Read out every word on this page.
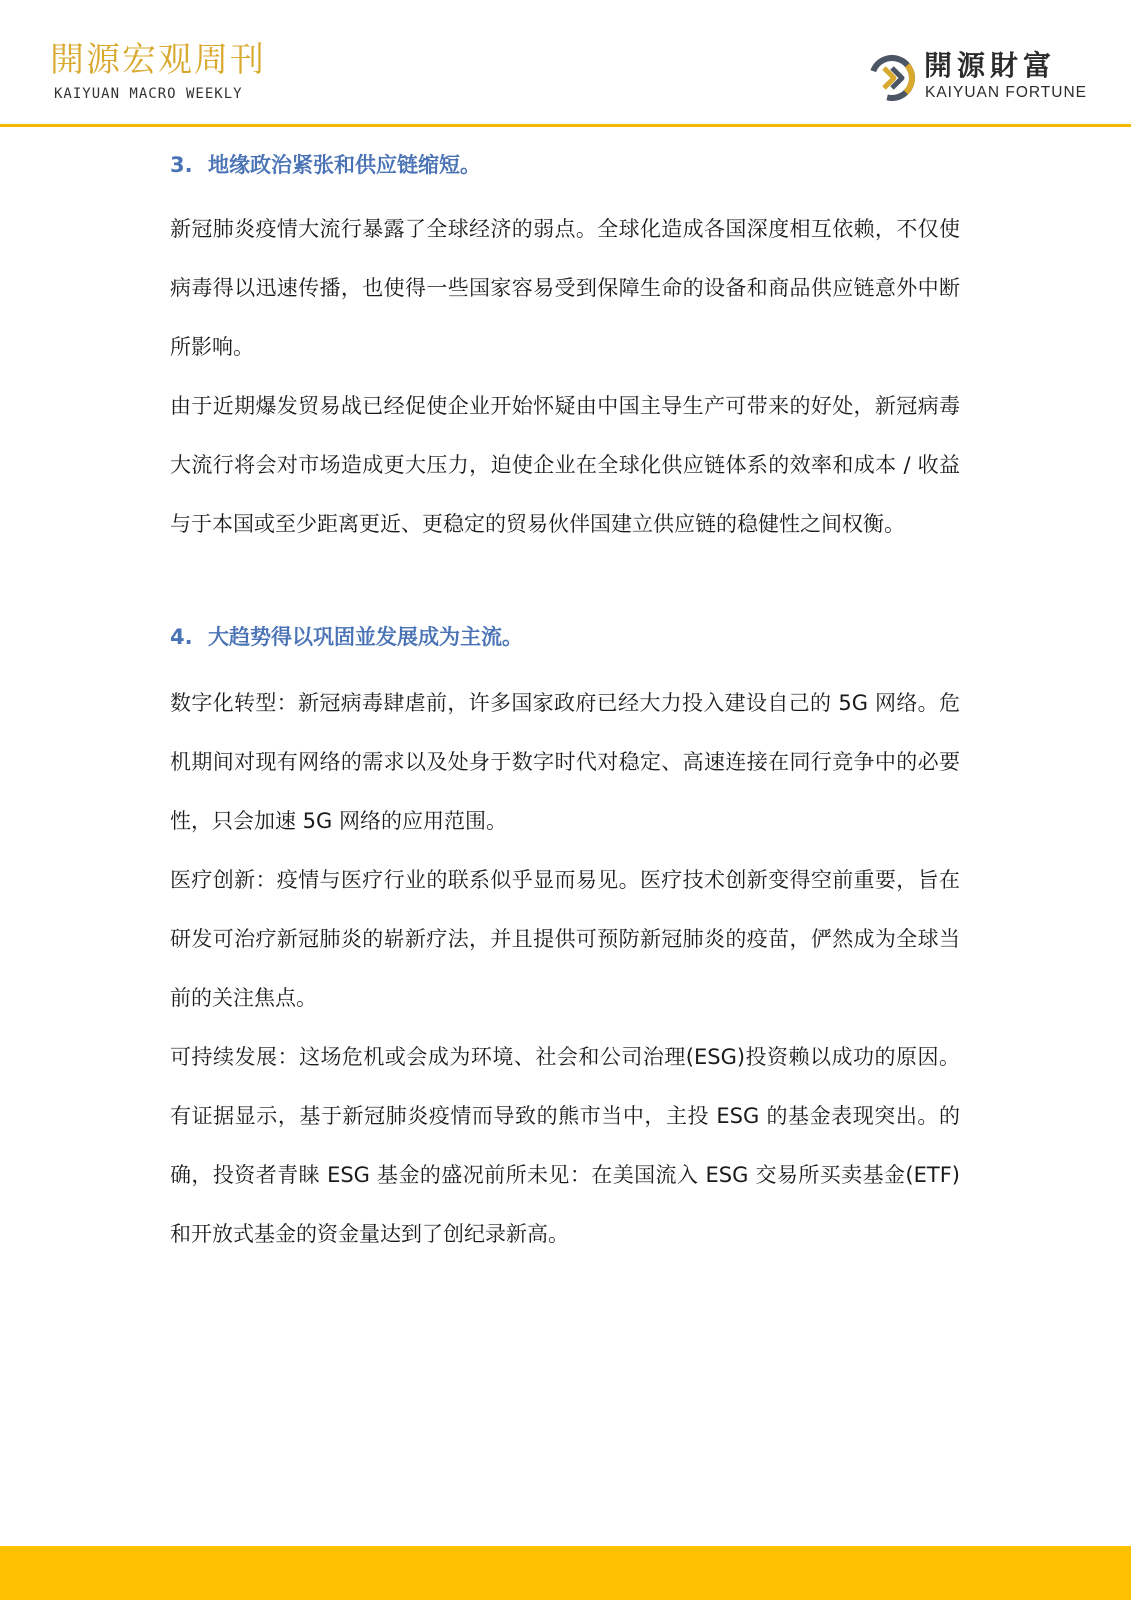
開源宏观周刊
KAIYUAN MACRO WEEKLY
開源財富
KAIYUAN FORTUNE
3. 地缘政治紧张和供应链缩短。

新冠肺炎疫情大流行暴露了全球经济的弱点。全球化造成各国深度相互依赖，不仅使病毒得以迅速传播，也使得一些国家容易受到保障生命的设备和商品供应链意外中断所影响。

由于近期爆发贸易战已经促使企业开始怀疑由中国主导生产可带来的好处，新冠病毒大流行将会对市场造成更大压力，迫使企业在全球化供应链体系的效率和成本 / 收益与于本国或至少距离更近、更稳定的贸易伙伴国建立供应链的稳健性之间权衡。

4. 大趋势得以巩固並发展成为主流。

数字化转型：新冠病毒肆虐前，许多国家政府已经大力投入建设自己的 5G 网络。危机期间对现有网络的需求以及处身于数字时代对稳定、高速连接在同行竞争中的必要性，只会加速 5G 网络的应用范围。

医疗创新：疫情与医疗行业的联系似乎显而易见。医疗技术创新变得空前重要，旨在研发可治疗新冠肺炎的崭新疗法，并且提供可预防新冠肺炎的疫苗，俨然成为全球当前的关注焦点。

可持续发展：这场危机或会成为环境、社会和公司治理(ESG)投资赖以成功的原因。有证据显示，基于新冠肺炎疫情而导致的熊市当中，主投 ESG 的基金表现突出。的确，投资者青睐 ESG 基金的盛况前所未见：在美国流入 ESG 交易所买卖基金(ETF)和开放式基金的资金量达到了创纪录新高。
